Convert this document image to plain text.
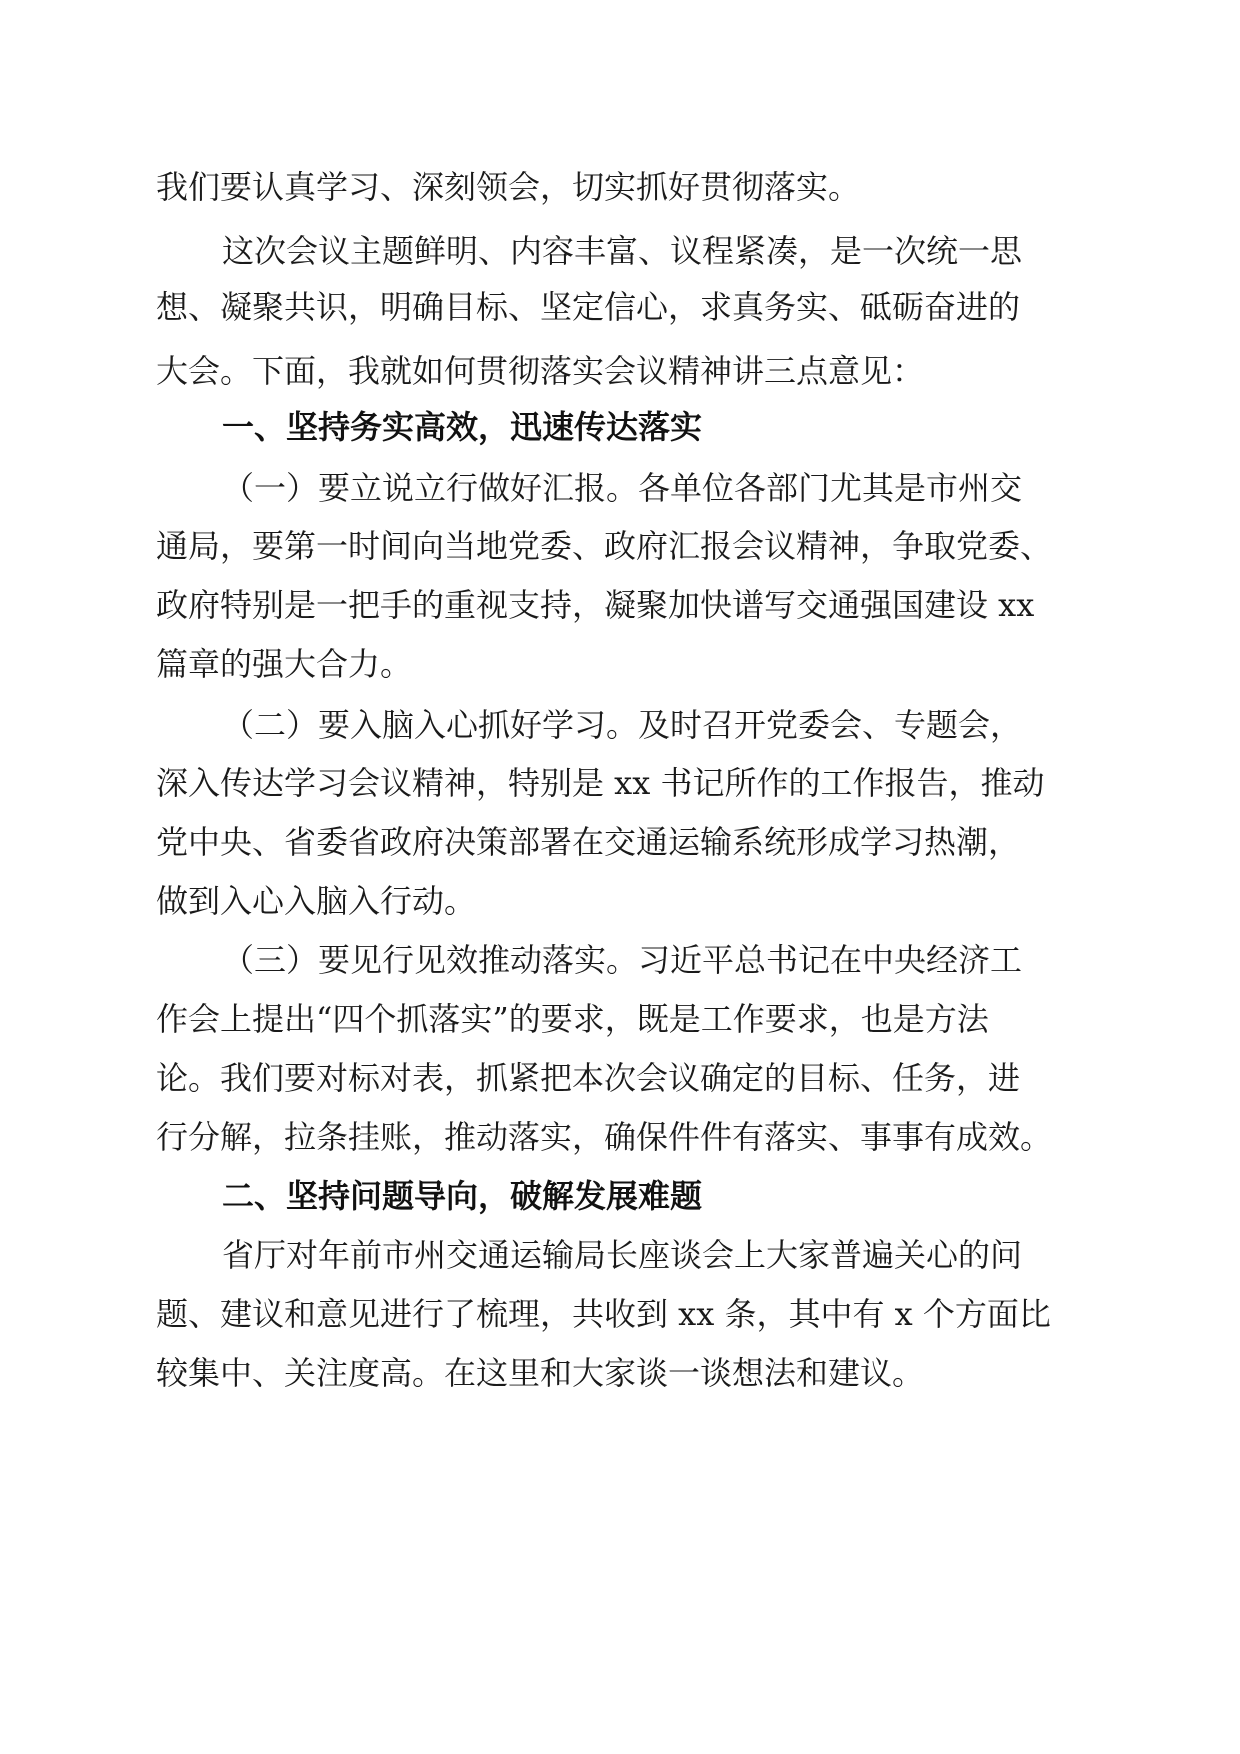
我们要认真学习、深刻领会，切实抓好贯彻落实。
这次会议主题鲜明、内容丰富、议程紧凑，是一次统一思
想、凝聚共识，明确目标、坚定信心，求真务实、砥砺奋进的
大会。下面，我就如何贯彻落实会议精神讲三点意见：
一、坚持务实高效，迅速传达落实
（一）要立说立行做好汇报。各单位各部门尤其是市州交
通局，要第一时间向当地党委、政府汇报会议精神，争取党委、
政府特别是一把手的重视支持，凝聚加快谱写交通强国建设 xx
篇章的强大合力。
（二）要入脑入心抓好学习。及时召开党委会、专题会，
深入传达学习会议精神，特别是 xx 书记所作的工作报告，推动
党中央、省委省政府决策部署在交通运输系统形成学习热潮，
做到入心入脑入行动。
（三）要见行见效推动落实。习近平总书记在中央经济工
作会上提出“四个抓落实”的要求，既是工作要求，也是方法
论。我们要对标对表，抓紧把本次会议确定的目标、任务，进
行分解，拉条挂账，推动落实，确保件件有落实、事事有成效。
二、坚持问题导向，破解发展难题
省厅对年前市州交通运输局长座谈会上大家普遍关心的问
题、建议和意见进行了梳理，共收到 xx 条，其中有 x 个方面比
较集中、关注度高。在这里和大家谈一谈想法和建议。
